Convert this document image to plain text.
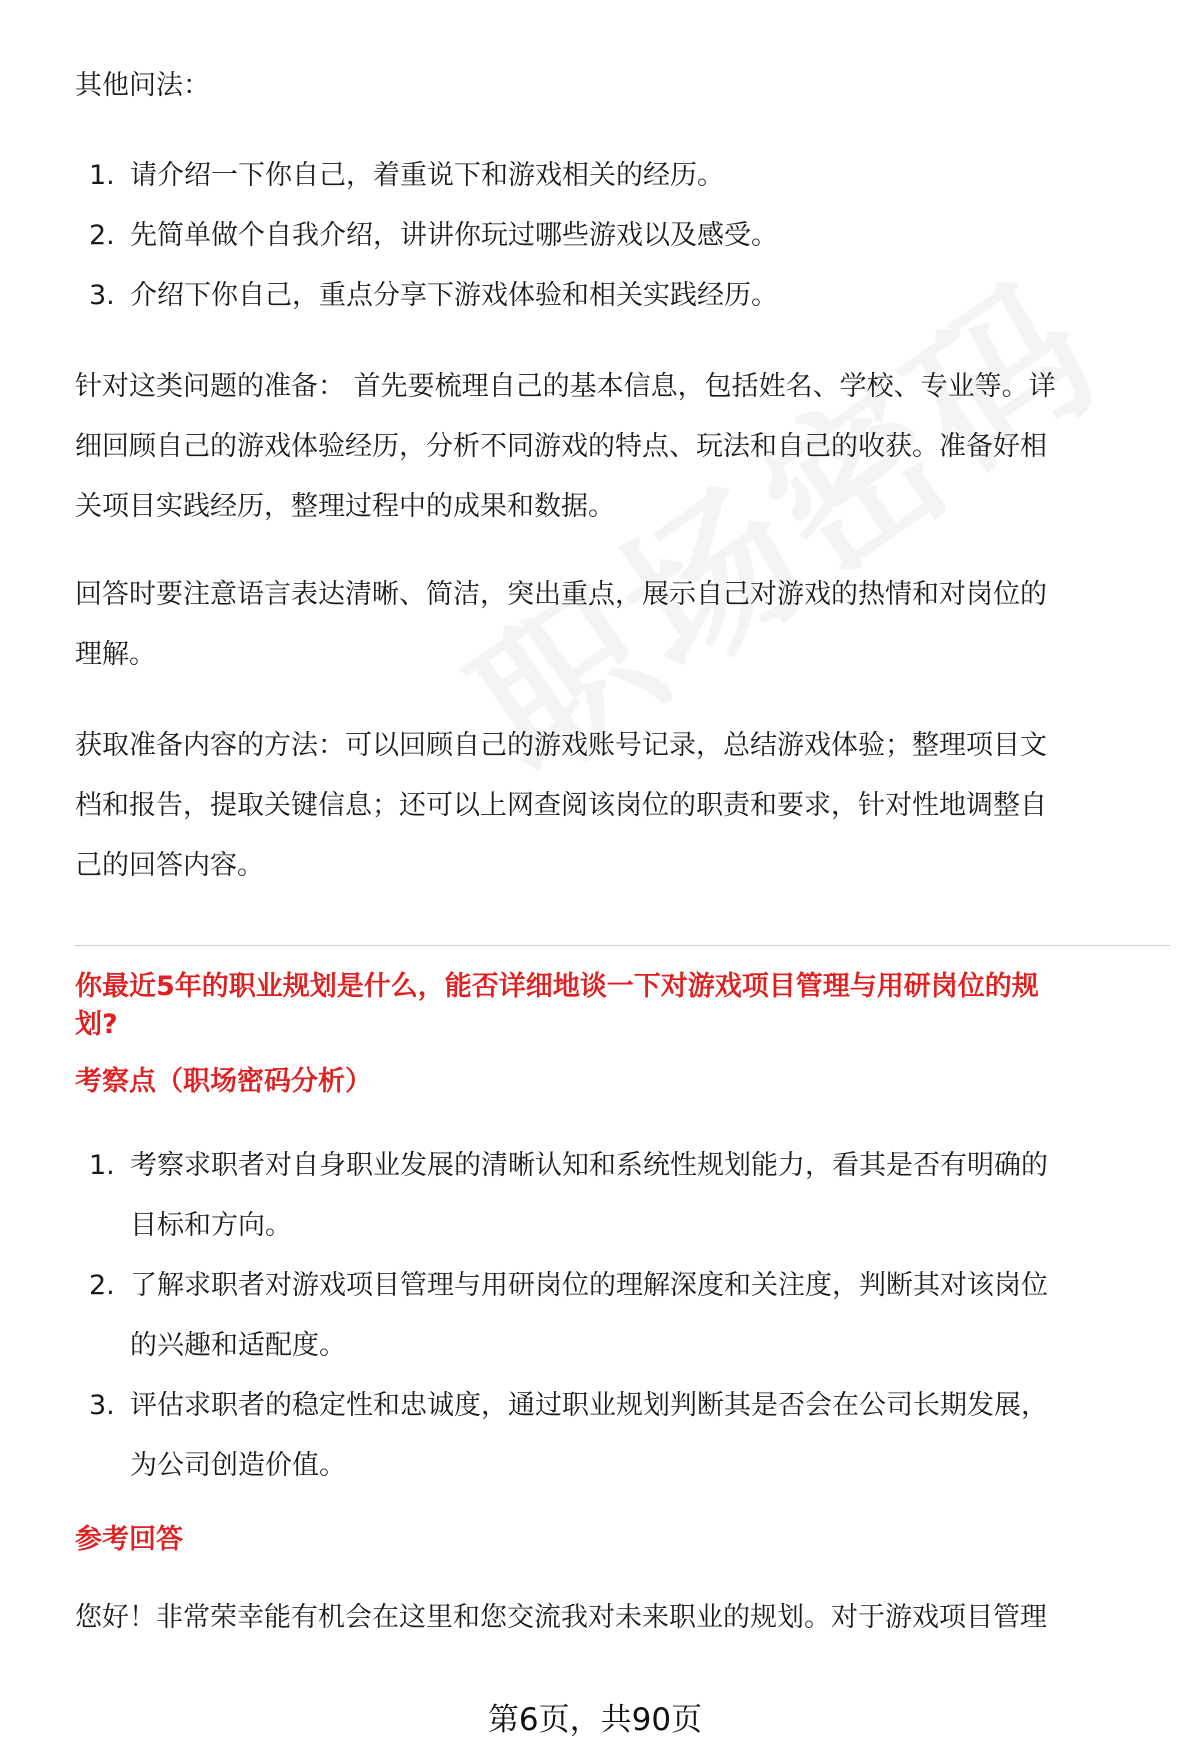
其他问法：

1. 请介绍一下你自己，着重说下和游戏相关的经历。
2. 先简单做个自我介绍，讲讲你玩过哪些游戏以及感受。
3. 介绍下你自己，重点分享下游戏体验和相关实践经历。
针对这类问题的准备： 首先要梳理自己的基本信息，包括姓名、学校、专业等。详
细回顾自己的游戏体验经历，分析不同游戏的特点、玩法和自己的收获。准备好相
关项目实践经历，整理过程中的成果和数据。
回答时要注意语言表达清晰、简洁，突出重点，展示自己对游戏的热情和对岗位的
理解。
获取准备内容的方法：可以回顾自己的游戏账号记录，总结游戏体验；整理项目文
档和报告，提取关键信息；还可以上网查阅该岗位的职责和要求，针对性地调整自
己的回答内容。
你最近5年的职业规划是什么，能否详细地谈一下对游戏项目管理与用研岗位的规
划?

考察点（职场密码分析）

1. 考察求职者对自身职业发展的清晰认知和系统性规划能力，看其是否有明确的
目标和方向。
2. 了解求职者对游戏项目管理与用研岗位的理解深度和关注度，判断其对该岗位
的兴趣和适配度。
3. 评估求职者的稳定性和忠诚度，通过职业规划判断其是否会在公司长期发展，
为公司创造价值。

参考回答

您好！非常荣幸能有机会在这里和您交流我对未来职业的规划。对于游戏项目管理

第6页，共90页
